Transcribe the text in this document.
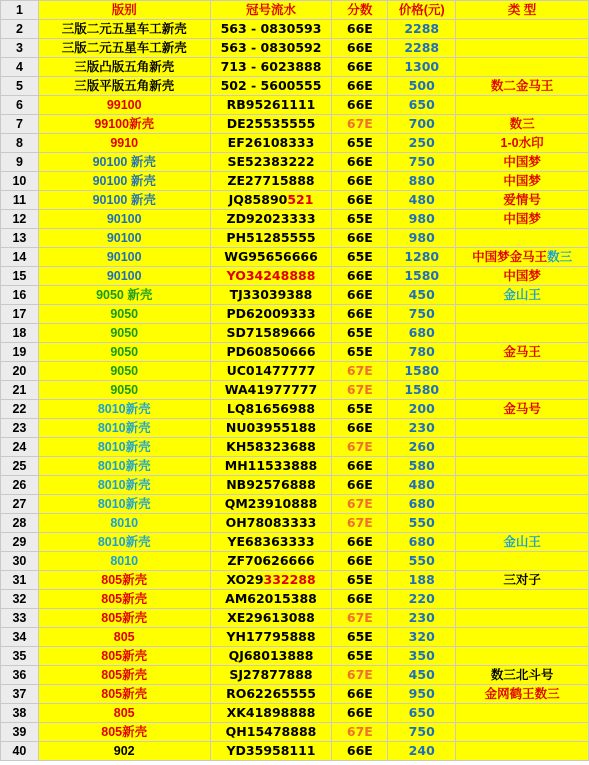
1	版别	冠号流水	分数	价格(元)	类 型
2	三版二元五星车工新壳	563 - 0830593	66E	2288	
3	三版二元五星车工新壳	563 - 0830592	66E	2288	
4	三版凸版五角新壳	713 - 6023888	66E	1300	
5	三版平版五角新壳	502 - 5600555	66E	500	数二金马王
6	99100	RB95261111	66E	650	
7	99100新壳	DE25535555	67E	700	数三
8	9910	EF26108333	65E	250	1-0水印
9	90100 新壳	SE52383222	66E	750	中国梦
10	90100 新壳	ZE27715888	66E	880	中国梦
11	90100 新壳	JQ85890521	66E	480	爱情号
12	90100	ZD92023333	65E	980	中国梦
13	90100	PH51285555	66E	980	
14	90100	WG95656666	65E	1280	中国梦金马王数三
15	90100	YO34248888	66E	1580	中国梦
16	9050 新壳	TJ33039388	66E	450	金山王
17	9050	PD62009333	66E	750	
18	9050	SD71589666	65E	680	
19	9050	PD60850666	65E	780	金马王
20	9050	UC01477777	67E	1580	
21	9050	WA41977777	67E	1580	
22	8010新壳	LQ81656988	65E	200	金马号
23	8010新壳	NU03955188	66E	230	
24	8010新壳	KH58323688	67E	260	
25	8010新壳	MH11533888	66E	580	
26	8010新壳	NB92576888	66E	480	
27	8010新壳	QM23910888	67E	680	
28	8010	OH78083333	67E	550	
29	8010新壳	YE68363333	66E	680	金山王
30	8010	ZF70626666	66E	550	
31	805新壳	XO29332288	65E	188	三对子
32	805新壳	AM62015388	66E	220	
33	805新壳	XE29613088	67E	230	
34	805	YH17795888	65E	320	
35	805新壳	QJ68013888	65E	350	
36	805新壳	SJ27877888	67E	450	数三北斗号
37	805新壳	RO62265555	66E	950	金网鹤王数三
38	805	XK41898888	66E	650	
39	805新壳	QH15478888	67E	750	
40	902	YD35958111	66E	240	
